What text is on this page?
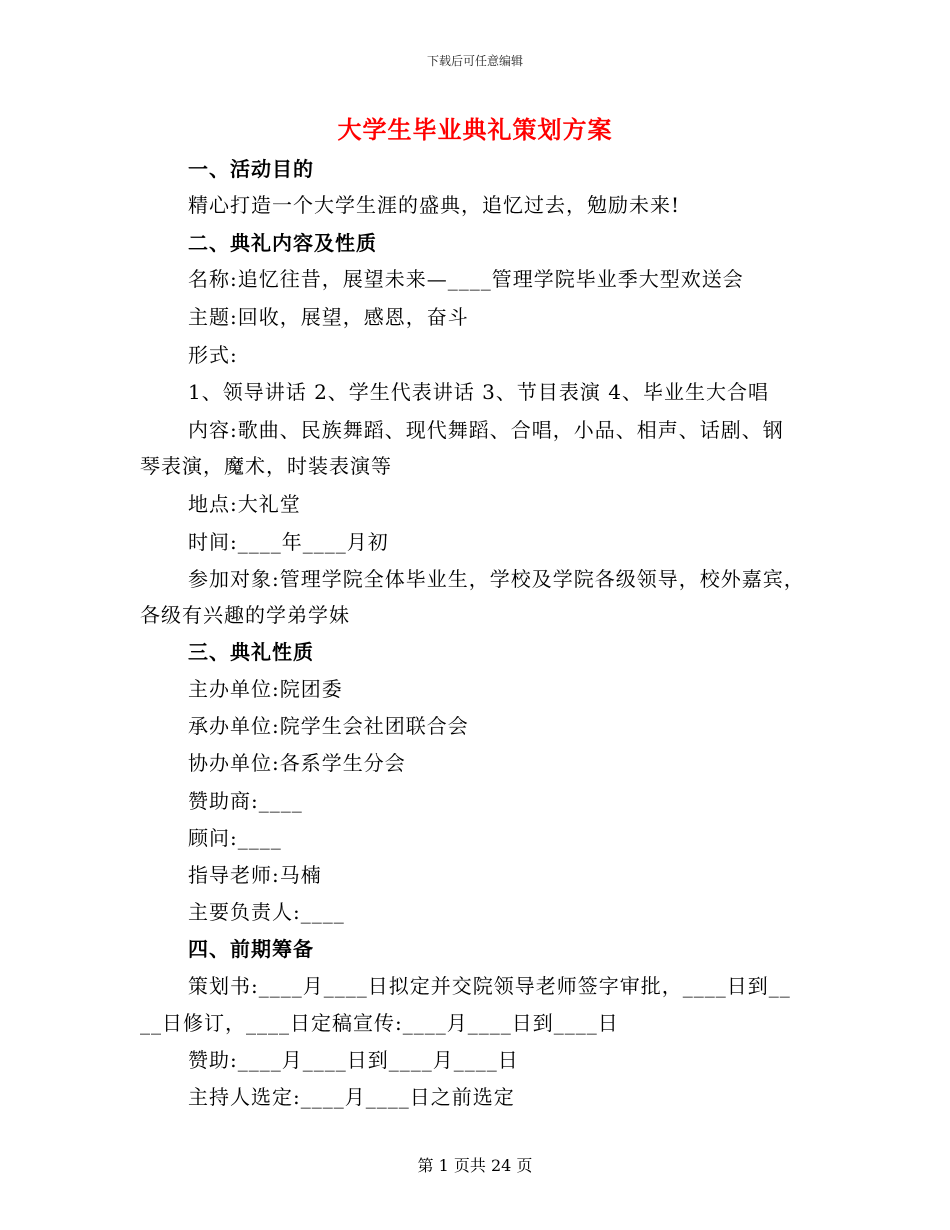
下载后可任意编辑
大学生毕业典礼策划方案
一、活动目的
精心打造一个大学生涯的盛典，追忆过去，勉励未来!
二、典礼内容及性质
名称:追忆往昔，展望未来—____管理学院毕业季大型欢送会
主题:回收，展望，感恩，奋斗
形式:
1、领导讲话 2、学生代表讲话 3、节目表演 4、毕业生大合唱
内容:歌曲、民族舞蹈、现代舞蹈、合唱，小品、相声、话剧、钢
琴表演，魔术，时装表演等
地点:大礼堂
时间:____年____月初
参加对象:管理学院全体毕业生，学校及学院各级领导，校外嘉宾，
各级有兴趣的学弟学妹
三、典礼性质
主办单位:院团委
承办单位:院学生会社团联合会
协办单位:各系学生分会
赞助商:____
顾问:____
指导老师:马楠
主要负责人:____
四、前期筹备
策划书:____月____日拟定并交院领导老师签字审批，____日到__
__日修订，____日定稿宣传:____月____日到____日
赞助:____月____日到____月____日
主持人选定:____月____日之前选定
第 1 页共 24 页
